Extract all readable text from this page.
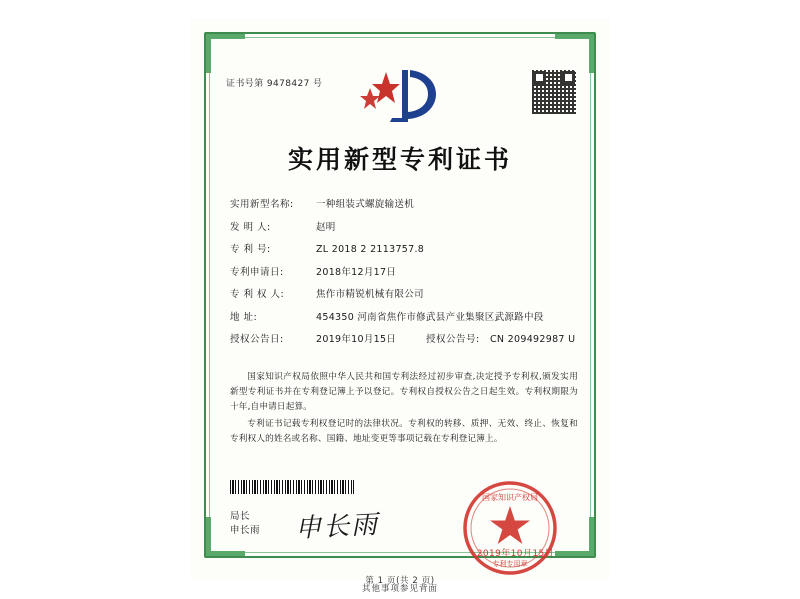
证书号第 9478427 号
实用新型专利证书
实用新型名称:	一种组装式螺旋输送机
发 明 人:	赵明
专 利 号:	ZL 2018 2 2113757.8
专利申请日:	2018年12月17日
专 利 权 人:	焦作市精锐机械有限公司
地 址:	454350 河南省焦作市修武县产业集聚区武源路中段
授权公告日:	2019年10月15日	授权公告号:	CN 209492987 U

国家知识产权局依照中华人民共和国专利法经过初步审查,决定授予专利权,颁发实用新型专利证书并在专利登记簿上予以登记。专利权自授权公告之日起生效。专利权期限为十年,自申请日起算。

专利证书记载专利权登记时的法律状况。专利权的转移、质押、无效、终止、恢复和专利权人的姓名或名称、国籍、地址变更等事项记载在专利登记簿上。

局长
申长雨 申长雨
国家知识产权局
专利专用章
2019年10月15日
第 1 页(共 2 页)
其他事项参见背面
